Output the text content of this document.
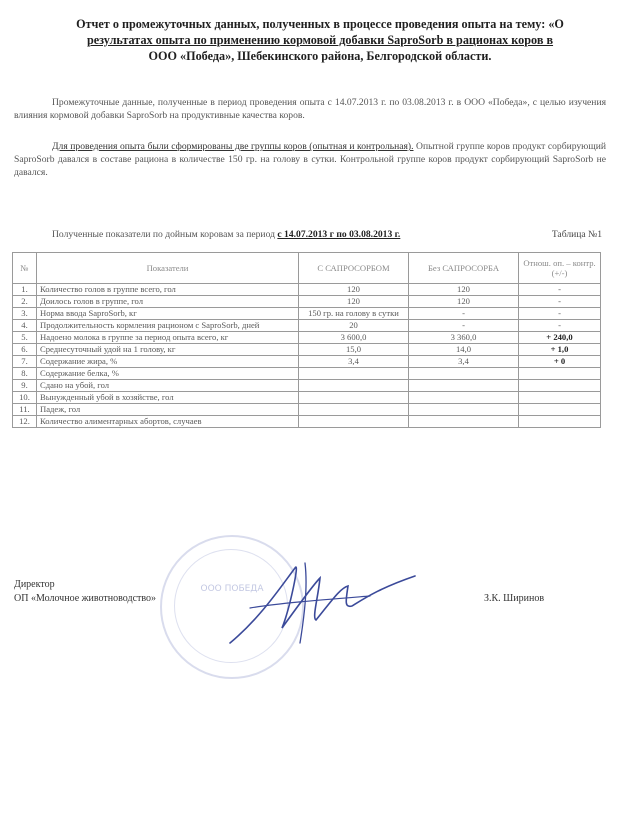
Отчет о промежуточных данных, полученных в процессе проведения опыта на тему: «О
результатах опыта по применению кормовой добавки SaproSorb в рационах коров в
ООО «Победа», Шебекинского района, Белгородской области.
Промежуточные данные, полученные в период проведения опыта с 14.07.2013 г. по 03.08.2013 г. в ООО «Победа», с целью изучения влияния кормовой добавки SaproSorb на продуктивные качества коров.
Для проведения опыта были сформированы две группы коров (опытная и контрольная). Опытной группе коров продукт сорбирующий SaproSorb давался в составе рациона в количестве 150 гр. на голову в сутки. Контрольной группе коров продукт сорбирующий SaproSorb не давался.
Полученные показатели по дойным коровам за период с 14.07.2013 г по 03.08.2013 г.	Таблица №1
№	Показатели	С САПРОСОРБОМ	Без САПРОСОРБА	Отнош. оп. – контр. (+/-)
1.	Количество голов в группе всего, гол	120	120	-
2.	Доилось голов в группе, гол	120	120	-
3.	Норма ввода SaproSorb, кг	150 гр. на голову в сутки	-	-
4.	Продолжительность кормления рационом с SaproSorb, дней	20	-	-
5.	Надоено молока в группе за период опыта всего, кг	3 600,0	3 360,0	+ 240,0
6.	Среднесуточный удой на 1 голову, кг	15,0	14,0	+ 1,0
7.	Содержание жира, %	3,4	3,4	+ 0
8.	Содержание белка, %			
9.	Сдано на убой, гол			
10.	Вынужденный убой в хозяйстве, гол			
11.	Падеж, гол			
12.	Количество алиментарных абортов, случаев			
ООО ПОБЕДА
Директор
ОП «Молочное животноводство»	З.К. Ширинов
